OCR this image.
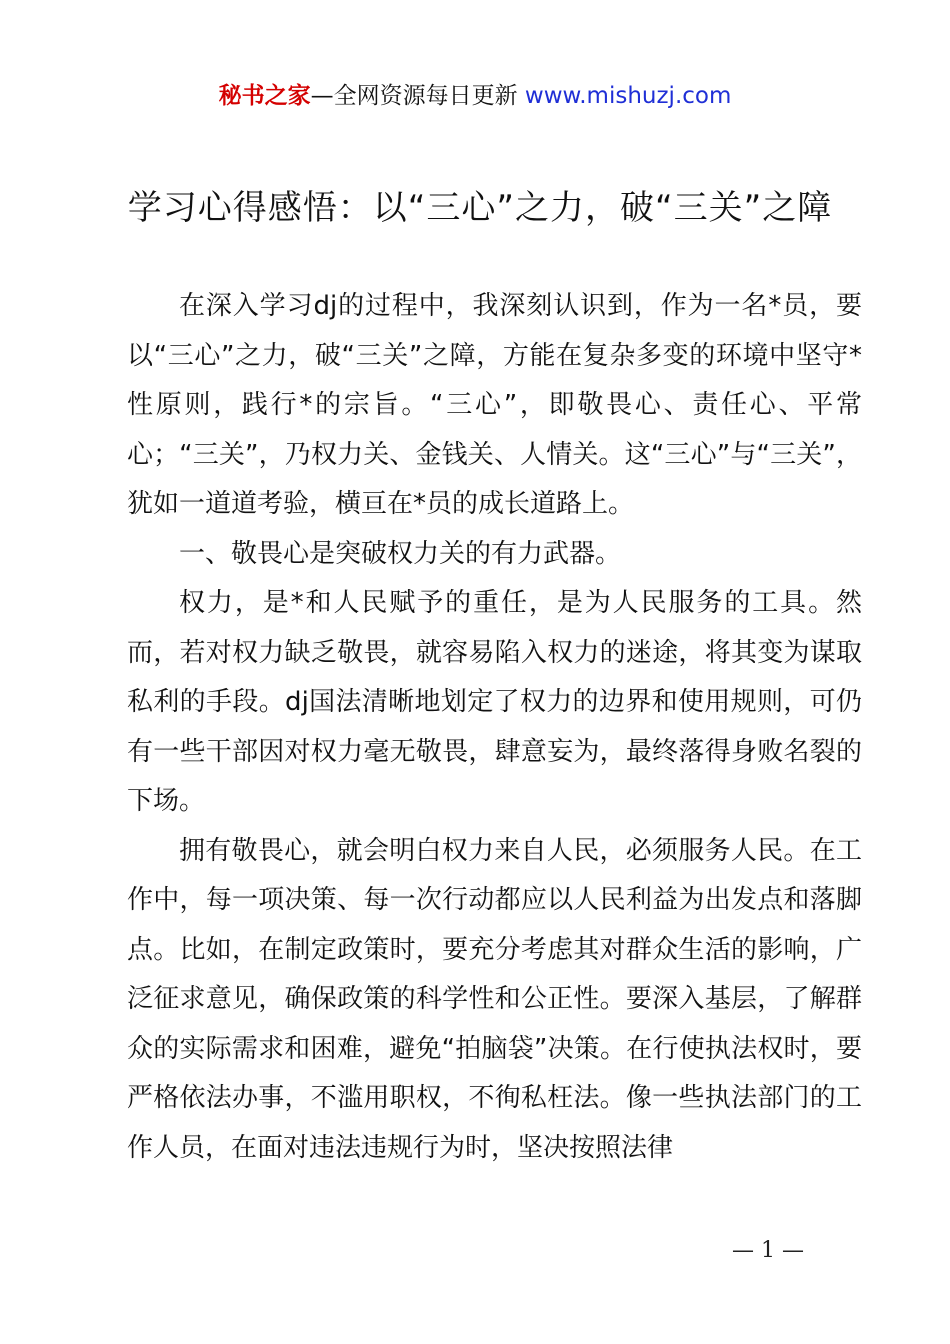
秘书之家—全网资源每日更新 www.mishuzj.com
学习心得感悟：以“三心”之力，破“三关”之障

在深入学习dj的过程中，我深刻认识到，作为一名*员，要以“三心”之力，破“三关”之障，方能在复杂多变的环境中坚守*性原则，践行*的宗旨。“三心”，即敬畏心、责任心、平常心；“三关”，乃权力关、金钱关、人情关。这“三心”与“三关”，犹如一道道考验，横亘在*员的成长道路上。

一、敬畏心是突破权力关的有力武器。

权力，是*和人民赋予的重任，是为人民服务的工具。然而，若对权力缺乏敬畏，就容易陷入权力的迷途，将其变为谋取私利的手段。dj国法清晰地划定了权力的边界和使用规则，可仍有一些干部因对权力毫无敬畏，肆意妄为，最终落得身败名裂的下场。

拥有敬畏心，就会明白权力来自人民，必须服务人民。在工作中，每一项决策、每一次行动都应以人民利益为出发点和落脚点。比如，在制定政策时，要充分考虑其对群众生活的影响，广泛征求意见，确保政策的科学性和公正性。要深入基层，了解群众的实际需求和困难，避免“拍脑袋”决策。在行使执法权时，要严格依法办事，不滥用职权，不徇私枉法。像一些执法部门的工作人员，在面对违法违规行为时，坚决按照法律

— 1 —
